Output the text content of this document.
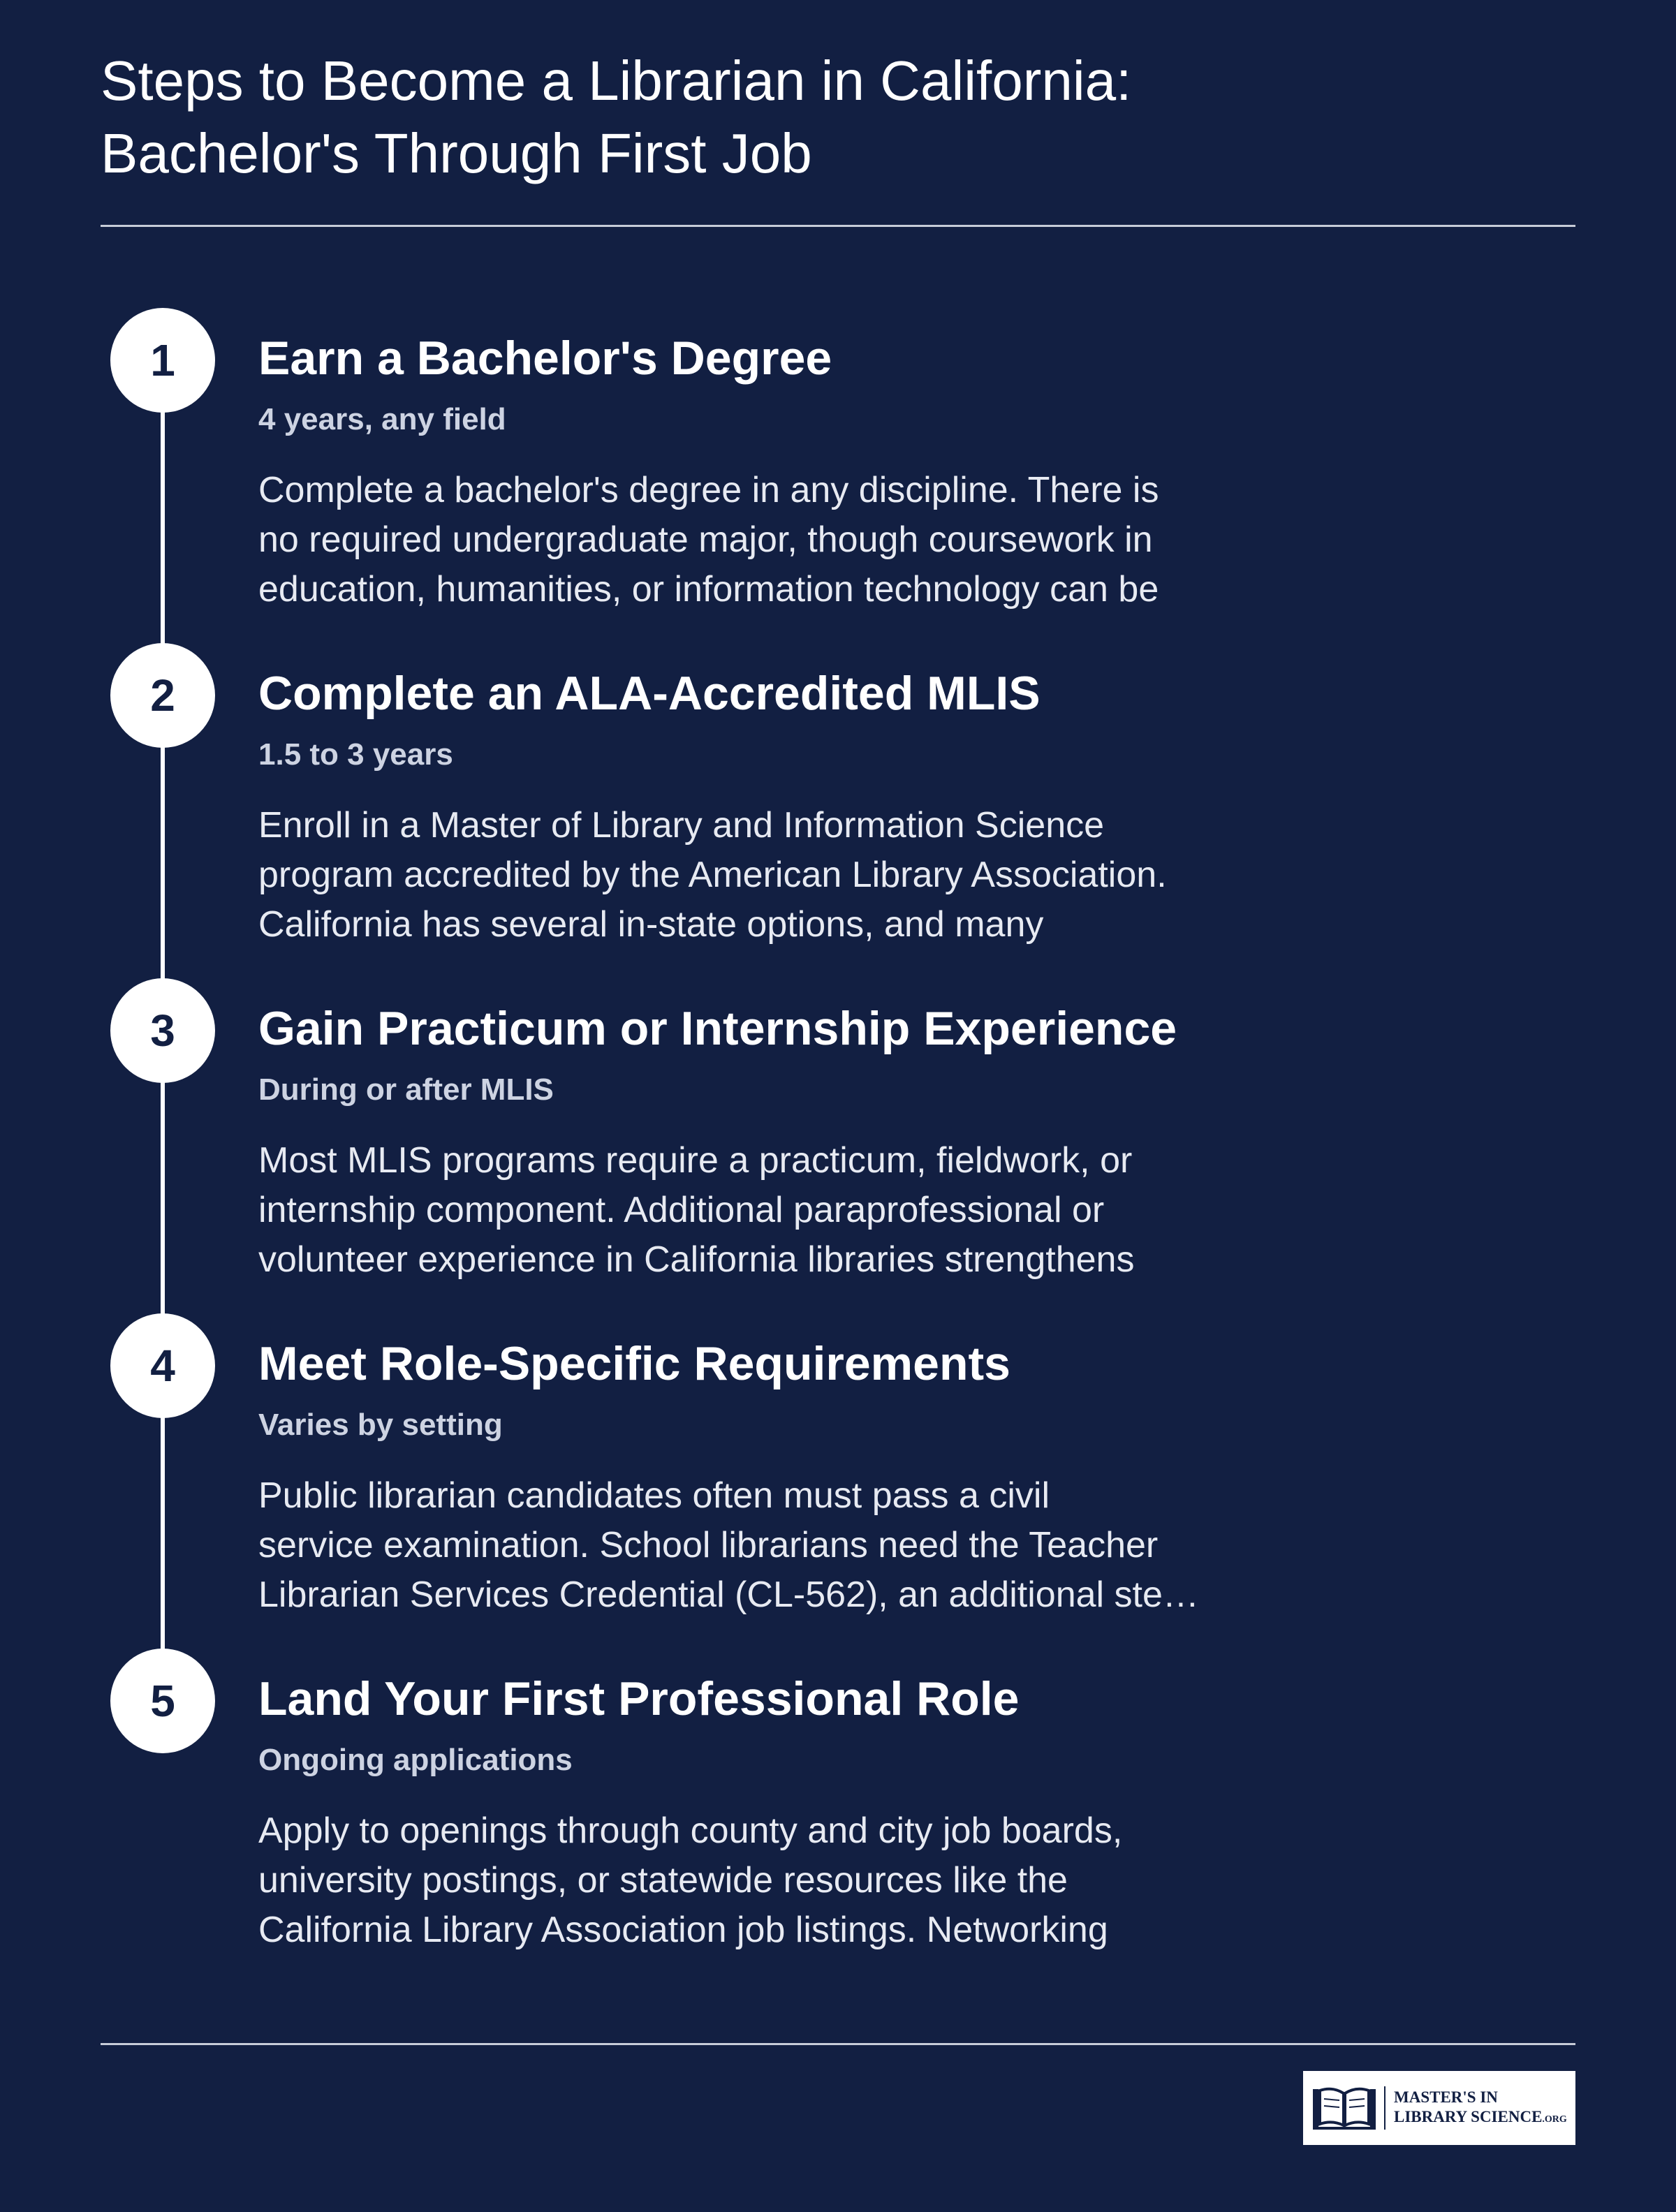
Steps to Become a Librarian in California:
Bachelor's Through First Job
1	Earn a Bachelor's Degree
4 years, any field
Complete a bachelor's degree in any discipline. There is
no required undergraduate major, though coursework in
education, humanities, or information technology can be
2	Complete an ALA-Accredited MLIS
1.5 to 3 years
Enroll in a Master of Library and Information Science
program accredited by the American Library Association.
California has several in-state options, and many
3	Gain Practicum or Internship Experience
During or after MLIS
Most MLIS programs require a practicum, fieldwork, or
internship component. Additional paraprofessional or
volunteer experience in California libraries strengthens
4	Meet Role-Specific Requirements
Varies by setting
Public librarian candidates often must pass a civil
service examination. School librarians need the Teacher
Librarian Services Credential (CL-562), an additional ste…
5	Land Your First Professional Role
Ongoing applications
Apply to openings through county and city job boards,
university postings, or statewide resources like the
California Library Association job listings. Networking
MASTER'S IN
LIBRARY SCIENCE.ORG
